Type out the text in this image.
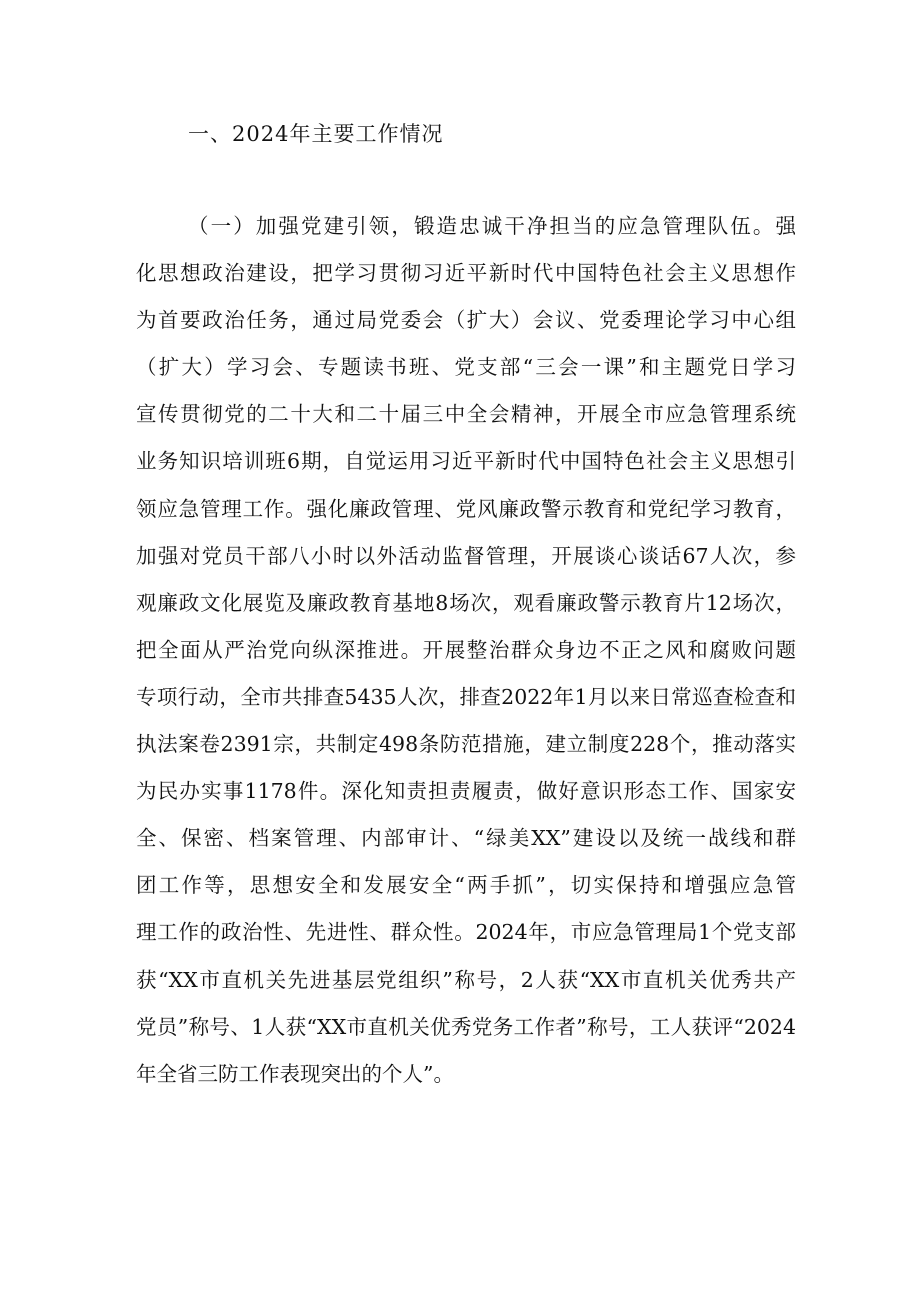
一、2024年主要工作情况
（一）加强党建引领，锻造忠诚干净担当的应急管理队伍。强
化思想政治建设，把学习贯彻习近平新时代中国特色社会主义思想作
为首要政治任务，通过局党委会（扩大）会议、党委理论学习中心组
（扩大）学习会、专题读书班、党支部“三会一课”和主题党日学习
宣传贯彻党的二十大和二十届三中全会精神，开展全市应急管理系统
业务知识培训班6期，自觉运用习近平新时代中国特色社会主义思想引
领应急管理工作。强化廉政管理、党风廉政警示教育和党纪学习教育，
加强对党员干部八小时以外活动监督管理，开展谈心谈话67人次，参
观廉政文化展览及廉政教育基地8场次，观看廉政警示教育片12场次，
把全面从严治党向纵深推进。开展整治群众身边不正之风和腐败问题
专项行动，全市共排查5435人次，排查2022年1月以来日常巡查检查和
执法案卷2391宗，共制定498条防范措施，建立制度228个，推动落实
为民办实事1178件。深化知责担责履责，做好意识形态工作、国家安
全、保密、档案管理、内部审计、“绿美XX”建设以及统一战线和群
团工作等，思想安全和发展安全“两手抓”，切实保持和增强应急管
理工作的政治性、先进性、群众性。2024年，市应急管理局1个党支部
获“XX市直机关先进基层党组织”称号，2人获“XX市直机关优秀共产
党员”称号、1人获“XX市直机关优秀党务工作者”称号，工人获评“2024
年全省三防工作表现突出的个人”。
